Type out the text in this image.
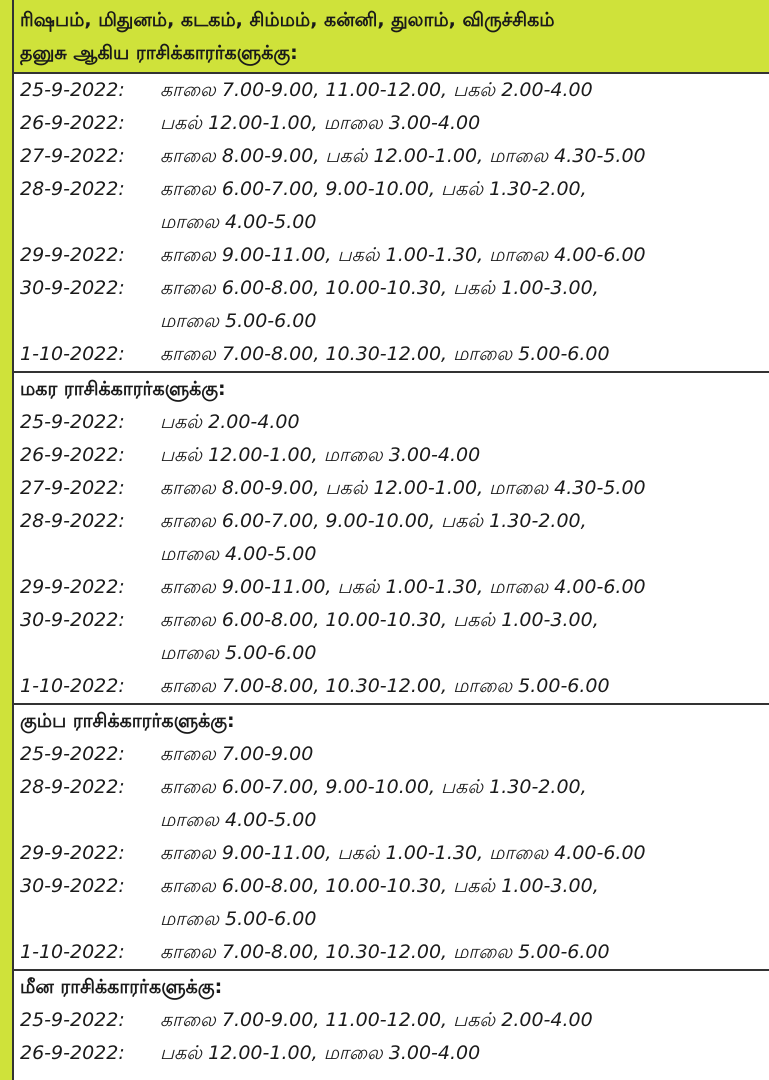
ரிஷபம், மிதுனம், கடகம், சிம்மம், கன்னி, துலாம், விருச்சிகம்
தனுசு ஆகிய ராசிக்காரர்களுக்கு:
25-9-2022:	காலை 7.00-9.00, 11.00-12.00, பகல் 2.00-4.00
26-9-2022:	பகல் 12.00-1.00, மாலை 3.00-4.00
27-9-2022:	காலை 8.00-9.00, பகல் 12.00-1.00, மாலை 4.30-5.00
28-9-2022:	காலை 6.00-7.00, 9.00-10.00, பகல் 1.30-2.00,
மாலை 4.00-5.00
29-9-2022:	காலை 9.00-11.00, பகல் 1.00-1.30, மாலை 4.00-6.00
30-9-2022:	காலை 6.00-8.00, 10.00-10.30, பகல் 1.00-3.00,
மாலை 5.00-6.00
1-10-2022:	காலை 7.00-8.00, 10.30-12.00, மாலை 5.00-6.00
மகர ராசிக்காரர்களுக்கு:
25-9-2022:	பகல் 2.00-4.00
26-9-2022:	பகல் 12.00-1.00, மாலை 3.00-4.00
27-9-2022:	காலை 8.00-9.00, பகல் 12.00-1.00, மாலை 4.30-5.00
28-9-2022:	காலை 6.00-7.00, 9.00-10.00, பகல் 1.30-2.00,
மாலை 4.00-5.00
29-9-2022:	காலை 9.00-11.00, பகல் 1.00-1.30, மாலை 4.00-6.00
30-9-2022:	காலை 6.00-8.00, 10.00-10.30, பகல் 1.00-3.00,
மாலை 5.00-6.00
1-10-2022:	காலை 7.00-8.00, 10.30-12.00, மாலை 5.00-6.00
கும்ப ராசிக்காரர்களுக்கு:
25-9-2022:	காலை 7.00-9.00
28-9-2022:	காலை 6.00-7.00, 9.00-10.00, பகல் 1.30-2.00,
மாலை 4.00-5.00
29-9-2022:	காலை 9.00-11.00, பகல் 1.00-1.30, மாலை 4.00-6.00
30-9-2022:	காலை 6.00-8.00, 10.00-10.30, பகல் 1.00-3.00,
மாலை 5.00-6.00
1-10-2022:	காலை 7.00-8.00, 10.30-12.00, மாலை 5.00-6.00
மீன ராசிக்காரர்களுக்கு:
25-9-2022:	காலை 7.00-9.00, 11.00-12.00, பகல் 2.00-4.00
26-9-2022:	பகல் 12.00-1.00, மாலை 3.00-4.00
